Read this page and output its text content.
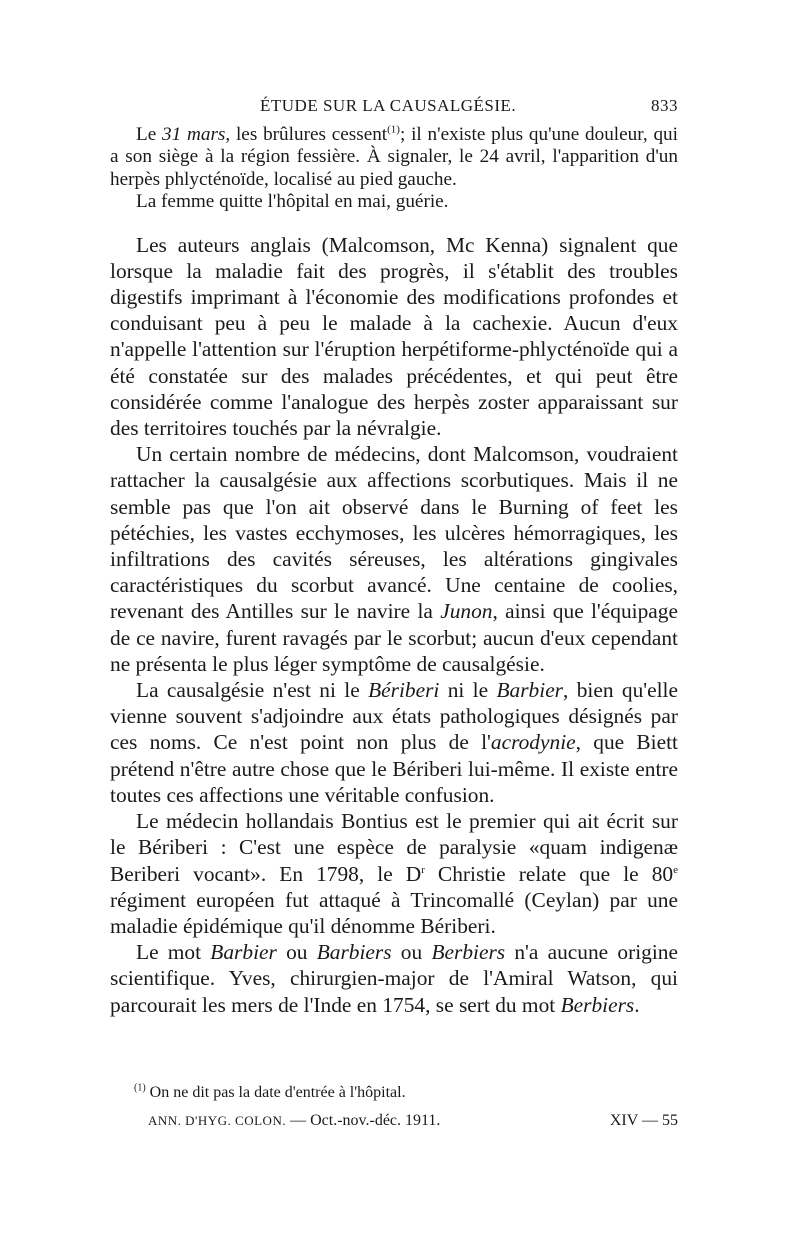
ÉTUDE SUR LA CAUSALGÉSIE.	833

Le 31 mars, les brûlures cessent$^{(1)}$; il n'existe plus qu'une douleur, qui a son siège à la région fessière. À signaler, le 24 avril, l'apparition d'un herpès phlycténoïde, localisé au pied gauche.

La femme quitte l'hôpital en mai, guérie.

Les auteurs anglais (Malcomson, Mc Kenna) signalent que lorsque la maladie fait des progrès, il s'établit des troubles digestifs imprimant à l'économie des modifications profondes et conduisant peu à peu le malade à la cachexie. Aucun d'eux n'appelle l'attention sur l'éruption herpétiforme-phlycténoïde qui a été constatée sur des malades précédentes, et qui peut être considérée comme l'analogue des herpès zoster apparaissant sur des territoires touchés par la névralgie.

Un certain nombre de médecins, dont Malcomson, voudraient rattacher la causalgésie aux affections scorbutiques. Mais il ne semble pas que l'on ait observé dans le Burning of feet les pétéchies, les vastes ecchymoses, les ulcères hémorragiques, les infiltrations des cavités séreuses, les altérations gingivales caractéristiques du scorbut avancé. Une centaine de coolies, revenant des Antilles sur le navire la Junon, ainsi que l'équipage de ce navire, furent ravagés par le scorbut; aucun d'eux cependant ne présenta le plus léger symptôme de causalgésie.

La causalgésie n'est ni le Bériberi ni le Barbier, bien qu'elle vienne souvent s'adjoindre aux états pathologiques désignés par ces noms. Ce n'est point non plus de l'acrodynie, que Biett prétend n'être autre chose que le Bériberi lui-même. Il existe entre toutes ces affections une véritable confusion.

Le médecin hollandais Bontius est le premier qui ait écrit sur le Bériberi : C'est une espèce de paralysie «quam indigenæ Beriberi vocant». En 1798, le $D^r$ Christie relate que le 80e régiment européen fut attaqué à Trincomallé (Ceylan) par une maladie épidémique qu'il dénomme Bériberi.

Le mot Barbier ou Barbiers ou Berbiers n'a aucune origine scientifique. Yves, chirurgien-major de l'Amiral Watson, qui parcourait les mers de l'Inde en 1754, se sert du mot Berbiers.

$^{(1)}$ On ne dit pas la date d'entrée à l'hôpital.
ANN. D'HYG. COLON. — Oct.-nov.-déc. 1911.	XIV — 55
